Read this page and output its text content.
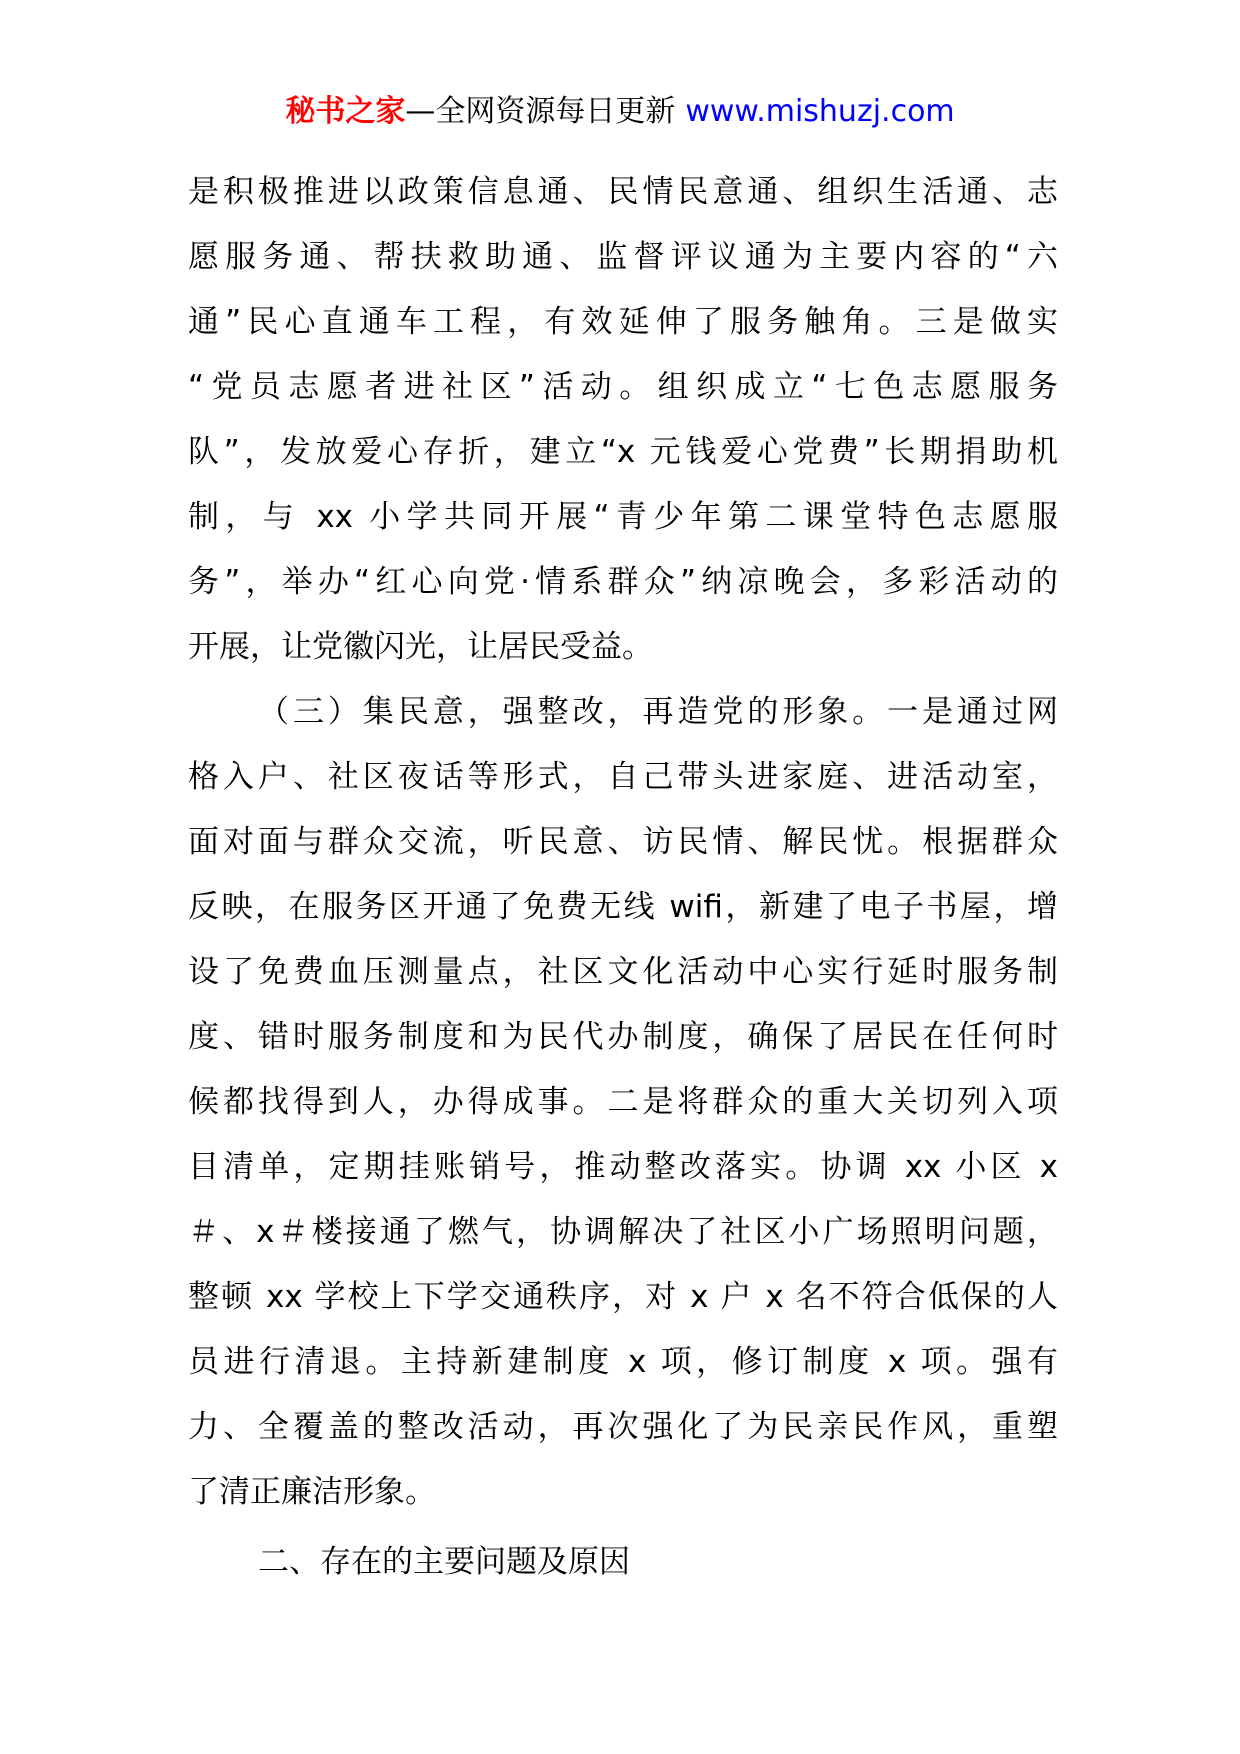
秘书之家—全网资源每日更新 www.mishuzj.com
是积极推进以政策信息通、民情民意通、组织生活通、志
愿服务通、帮扶救助通、监督评议通为主要内容的“六
通”民心直通车工程，有效延伸了服务触角。三是做实
“党员志愿者进社区”活动。组织成立“七色志愿服务
队”，发放爱心存折，建立“x 元钱爱心党费”长期捐助机
制，与 xx 小学共同开展“青少年第二课堂特色志愿服
务”，举办“红心向党·情系群众”纳凉晚会，多彩活动的
开展，让党徽闪光，让居民受益。
（三）集民意，强整改，再造党的形象。一是通过网
格入户、社区夜话等形式，自己带头进家庭、进活动室，
面对面与群众交流，听民意、访民情、解民忧。根据群众
反映，在服务区开通了免费无线 wifi，新建了电子书屋，增
设了免费血压测量点，社区文化活动中心实行延时服务制
度、错时服务制度和为民代办制度，确保了居民在任何时
候都找得到人，办得成事。二是将群众的重大关切列入项
目清单，定期挂账销号，推动整改落实。协调 xx 小区 x
＃、x＃楼接通了燃气，协调解决了社区小广场照明问题，
整顿 xx 学校上下学交通秩序，对 x 户 x 名不符合低保的人
员进行清退。主持新建制度 x 项，修订制度 x 项。强有
力、全覆盖的整改活动，再次强化了为民亲民作风，重塑
了清正廉洁形象。
二、存在的主要问题及原因
